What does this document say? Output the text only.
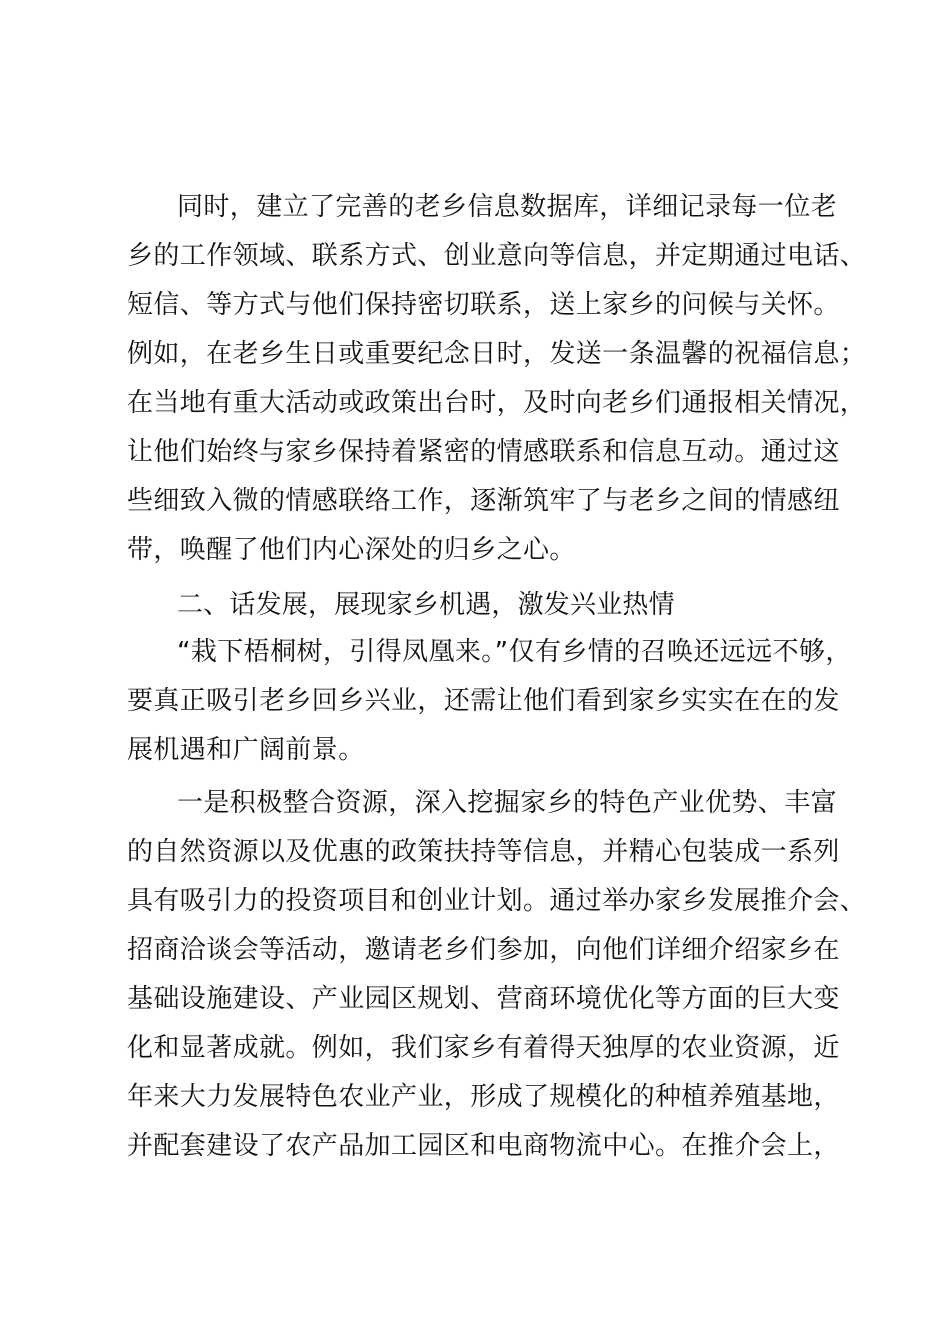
同时，建立了完善的老乡信息数据库，详细记录每一位老
乡的工作领域、联系方式、创业意向等信息，并定期通过电话、
短信、等方式与他们保持密切联系，送上家乡的问候与关怀。
例如，在老乡生日或重要纪念日时，发送一条温馨的祝福信息；
在当地有重大活动或政策出台时，及时向老乡们通报相关情况，
让他们始终与家乡保持着紧密的情感联系和信息互动。通过这
些细致入微的情感联络工作，逐渐筑牢了与老乡之间的情感纽
带，唤醒了他们内心深处的归乡之心。
二、话发展，展现家乡机遇，激发兴业热情
“栽下梧桐树，引得凤凰来。”仅有乡情的召唤还远远不够，
要真正吸引老乡回乡兴业，还需让他们看到家乡实实在在的发
展机遇和广阔前景。
一是积极整合资源，深入挖掘家乡的特色产业优势、丰富
的自然资源以及优惠的政策扶持等信息，并精心包装成一系列
具有吸引力的投资项目和创业计划。通过举办家乡发展推介会、
招商洽谈会等活动，邀请老乡们参加，向他们详细介绍家乡在
基础设施建设、产业园区规划、营商环境优化等方面的巨大变
化和显著成就。例如，我们家乡有着得天独厚的农业资源，近
年来大力发展特色农业产业，形成了规模化的种植养殖基地，
并配套建设了农产品加工园区和电商物流中心。在推介会上，
